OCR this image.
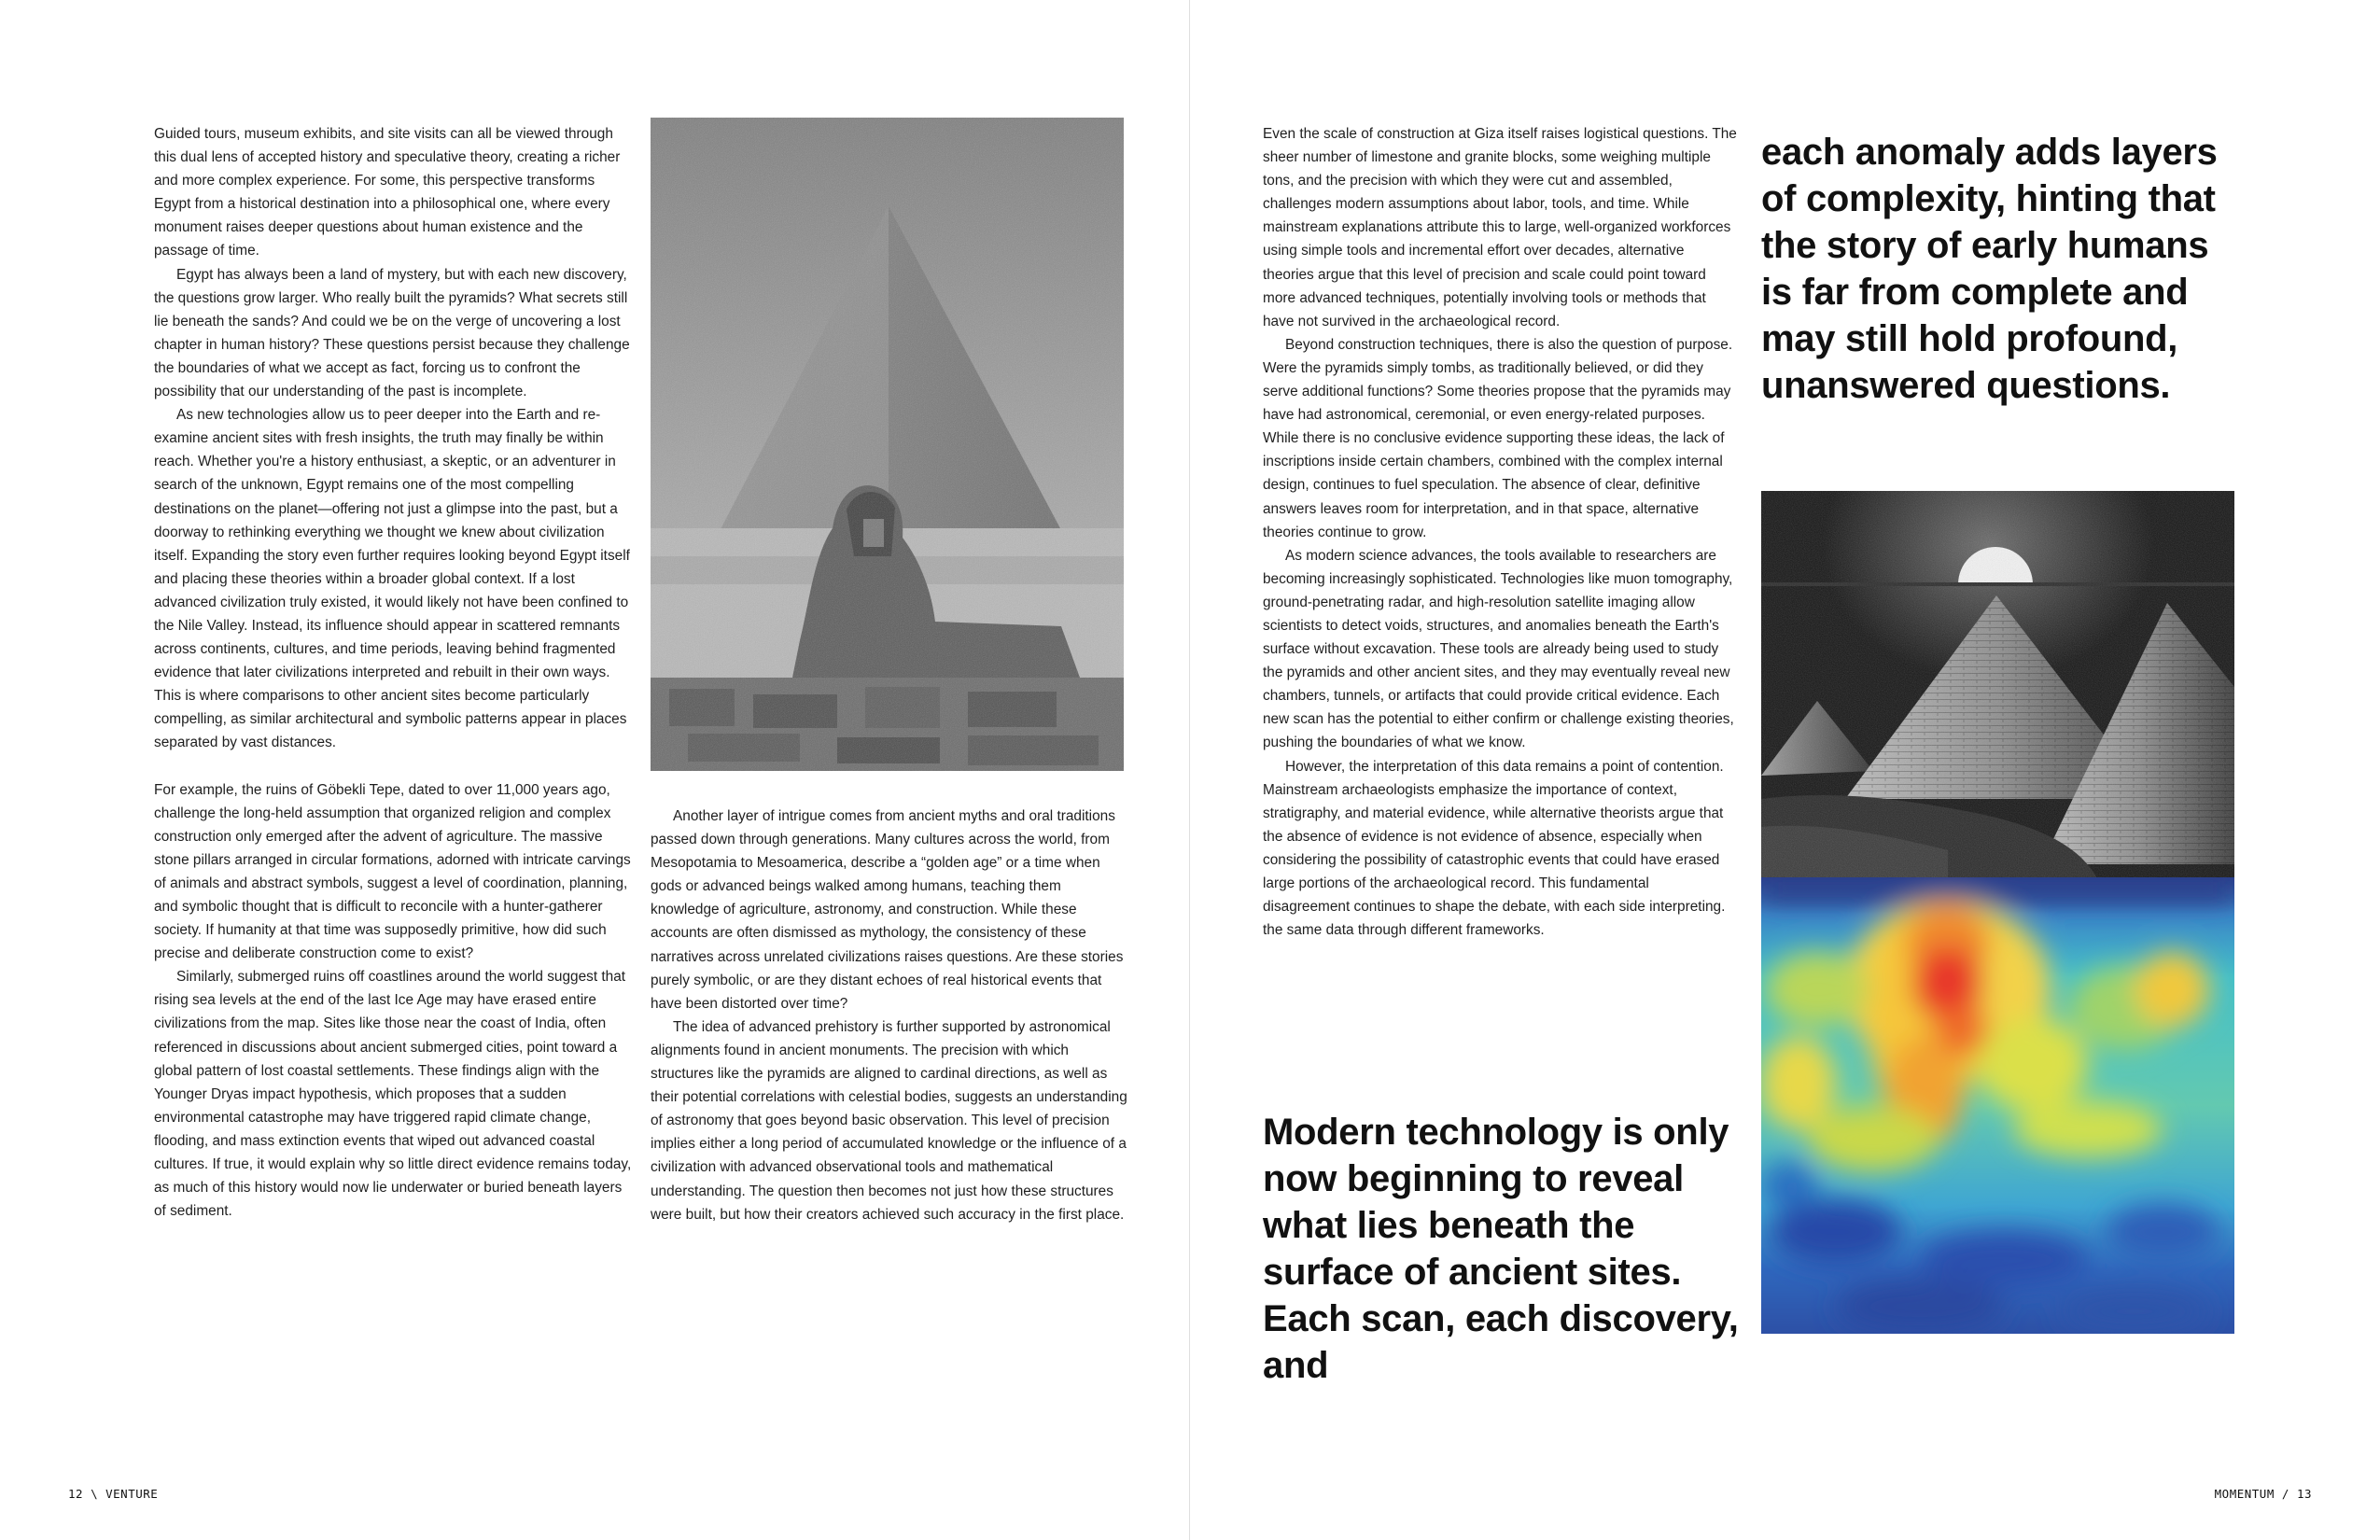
Guided tours, museum exhibits, and site visits can all be viewed through this dual lens of accepted history and speculative theory, creating a richer and more complex experience. For some, this perspective transforms Egypt from a historical destination into a philosophical one, where every monument raises deeper questions about human existence and the passage of time.

Egypt has always been a land of mystery, but with each new discovery, the questions grow larger. Who really built the pyramids? What secrets still lie beneath the sands? And could we be on the verge of uncovering a lost chapter in human history? These questions persist because they challenge the boundaries of what we accept as fact, forcing us to confront the possibility that our understanding of the past is incomplete.

As new technologies allow us to peer deeper into the Earth and re-examine ancient sites with fresh insights, the truth may finally be within reach. Whether you're a history enthusiast, a skeptic, or an adventurer in search of the unknown, Egypt remains one of the most compelling destinations on the planet—offering not just a glimpse into the past, but a doorway to rethinking everything we thought we knew about civilization itself. Expanding the story even further requires looking beyond Egypt itself and placing these theories within a broader global context. If a lost advanced civilization truly existed, it would likely not have been confined to the Nile Valley. Instead, its influence should appear in scattered remnants across continents, cultures, and time periods, leaving behind fragmented evidence that later civilizations interpreted and rebuilt in their own ways. This is where comparisons to other ancient sites become particularly compelling, as similar architectural and symbolic patterns appear in places separated by vast distances.

For example, the ruins of Göbekli Tepe, dated to over 11,000 years ago, challenge the long-held assumption that organized religion and complex construction only emerged after the advent of agriculture. The massive stone pillars arranged in circular formations, adorned with intricate carvings of animals and abstract symbols, suggest a level of coordination, planning, and symbolic thought that is difficult to reconcile with a hunter-gatherer society. If humanity at that time was supposedly primitive, how did such precise and deliberate construction come to exist?

Similarly, submerged ruins off coastlines around the world suggest that rising sea levels at the end of the last Ice Age may have erased entire civilizations from the map. Sites like those near the coast of India, often referenced in discussions about ancient submerged cities, point toward a global pattern of lost coastal settlements. These findings align with the Younger Dryas impact hypothesis, which proposes that a sudden environmental catastrophe may have triggered rapid climate change, flooding, and mass extinction events that wiped out advanced coastal cultures. If true, it would explain why so little direct evidence remains today, as much of this history would now lie underwater or buried beneath layers of sediment.

Another layer of intrigue comes from ancient myths and oral traditions passed down through generations. Many cultures across the world, from Mesopotamia to Mesoamerica, describe a “golden age” or a time when gods or advanced beings walked among humans, teaching them knowledge of agriculture, astronomy, and construction. While these accounts are often dismissed as mythology, the consistency of these narratives across unrelated civilizations raises questions. Are these stories purely symbolic, or are they distant echoes of real historical events that have been distorted over time?

The idea of advanced prehistory is further supported by astronomical alignments found in ancient monuments. The precision with which structures like the pyramids are aligned to cardinal directions, as well as their potential correlations with celestial bodies, suggests an understanding of astronomy that goes beyond basic observation. This level of precision implies either a long period of accumulated knowledge or the influence of a civilization with advanced observational tools and mathematical understanding. The question then becomes not just how these structures were built, but how their creators achieved such accuracy in the first place.

12 \ VENTURE

Even the scale of construction at Giza itself raises logistical questions. The sheer number of limestone and granite blocks, some weighing multiple tons, and the precision with which they were cut and assembled, challenges modern assumptions about labor, tools, and time. While mainstream explanations attribute this to large, well-organized workforces using simple tools and incremental effort over decades, alternative theories argue that this level of precision and scale could point toward more advanced techniques, potentially involving tools or methods that have not survived in the archaeological record.

Beyond construction techniques, there is also the question of purpose. Were the pyramids simply tombs, as traditionally believed, or did they serve additional functions? Some theories propose that the pyramids may have had astronomical, ceremonial, or even energy-related purposes. While there is no conclusive evidence supporting these ideas, the lack of inscriptions inside certain chambers, combined with the complex internal design, continues to fuel speculation. The absence of clear, definitive answers leaves room for interpretation, and in that space, alternative theories continue to grow.

As modern science advances, the tools available to researchers are becoming increasingly sophisticated. Technologies like muon tomography, ground-penetrating radar, and high-resolution satellite imaging allow scientists to detect voids, structures, and anomalies beneath the Earth's surface without excavation. These tools are already being used to study the pyramids and other ancient sites, and they may eventually reveal new chambers, tunnels, or artifacts that could provide critical evidence. Each new scan has the potential to either confirm or challenge existing theories, pushing the boundaries of what we know.

However, the interpretation of this data remains a point of contention. Mainstream archaeologists emphasize the importance of context, stratigraphy, and material evidence, while alternative theorists argue that the absence of evidence is not evidence of absence, especially when considering the possibility of catastrophic events that could have erased large portions of the archaeological record. This fundamental disagreement continues to shape the debate, with each side interpreting. the same data through different frameworks.

each anomaly adds layers of complexity, hinting that the story of early humans is far from complete and may still hold profound, unanswered questions.
Modern technology is only now beginning to reveal what lies beneath the surface of ancient sites. Each scan, each discovery, and
MOMENTUM / 13
